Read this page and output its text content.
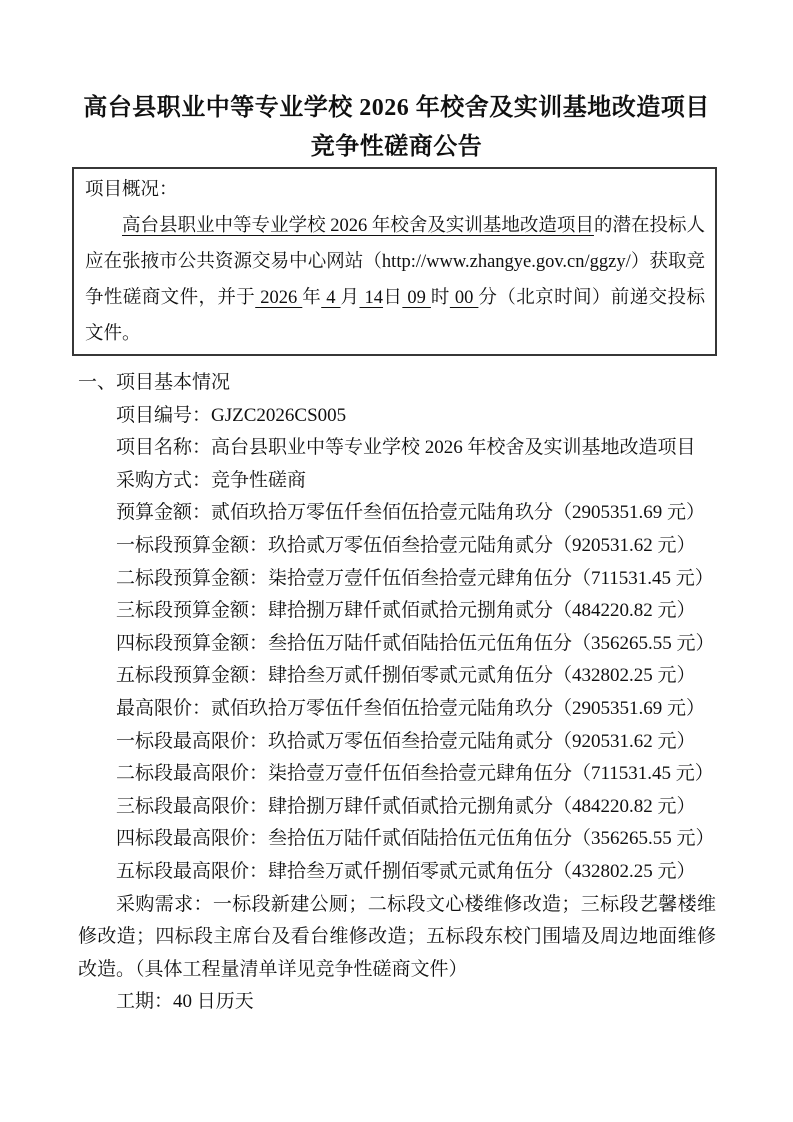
高台县职业中等专业学校 2026 年校舍及实训基地改造项目
竞争性磋商公告

项目概况：

高台县职业中等专业学校 2026 年校舍及实训基地改造项目的潜在投标人应在张掖市公共资源交易中心网站（http://www.zhangye.gov.cn/ggzy/）获取竞争性磋商文件，并于 2026 年 4 月 14日 09 时 00 分（北京时间）前递交投标文件。

一、项目基本情况

项目编号：GJZC2026CS005

项目名称：高台县职业中等专业学校 2026 年校舍及实训基地改造项目

采购方式：竞争性磋商

预算金额：贰佰玖拾万零伍仟叁佰伍拾壹元陆角玖分（2905351.69 元）

一标段预算金额：玖拾贰万零伍佰叁拾壹元陆角贰分（920531.62 元）

二标段预算金额：柒拾壹万壹仟伍佰叁拾壹元肆角伍分（711531.45 元）

三标段预算金额：肆拾捌万肆仟贰佰贰拾元捌角贰分（484220.82 元）

四标段预算金额：叁拾伍万陆仟贰佰陆拾伍元伍角伍分（356265.55 元）

五标段预算金额：肆拾叁万贰仟捌佰零贰元贰角伍分（432802.25 元）

最高限价：贰佰玖拾万零伍仟叁佰伍拾壹元陆角玖分（2905351.69 元）

一标段最高限价：玖拾贰万零伍佰叁拾壹元陆角贰分（920531.62 元）

二标段最高限价：柒拾壹万壹仟伍佰叁拾壹元肆角伍分（711531.45 元）

三标段最高限价：肆拾捌万肆仟贰佰贰拾元捌角贰分（484220.82 元）

四标段最高限价：叁拾伍万陆仟贰佰陆拾伍元伍角伍分（356265.55 元）

五标段最高限价：肆拾叁万贰仟捌佰零贰元贰角伍分（432802.25 元）

采购需求：一标段新建公厕；二标段文心楼维修改造；三标段艺馨楼维修改造；四标段主席台及看台维修改造；五标段东校门围墙及周边地面维修改造。（具体工程量清单详见竞争性磋商文件）

工期：40 日历天
